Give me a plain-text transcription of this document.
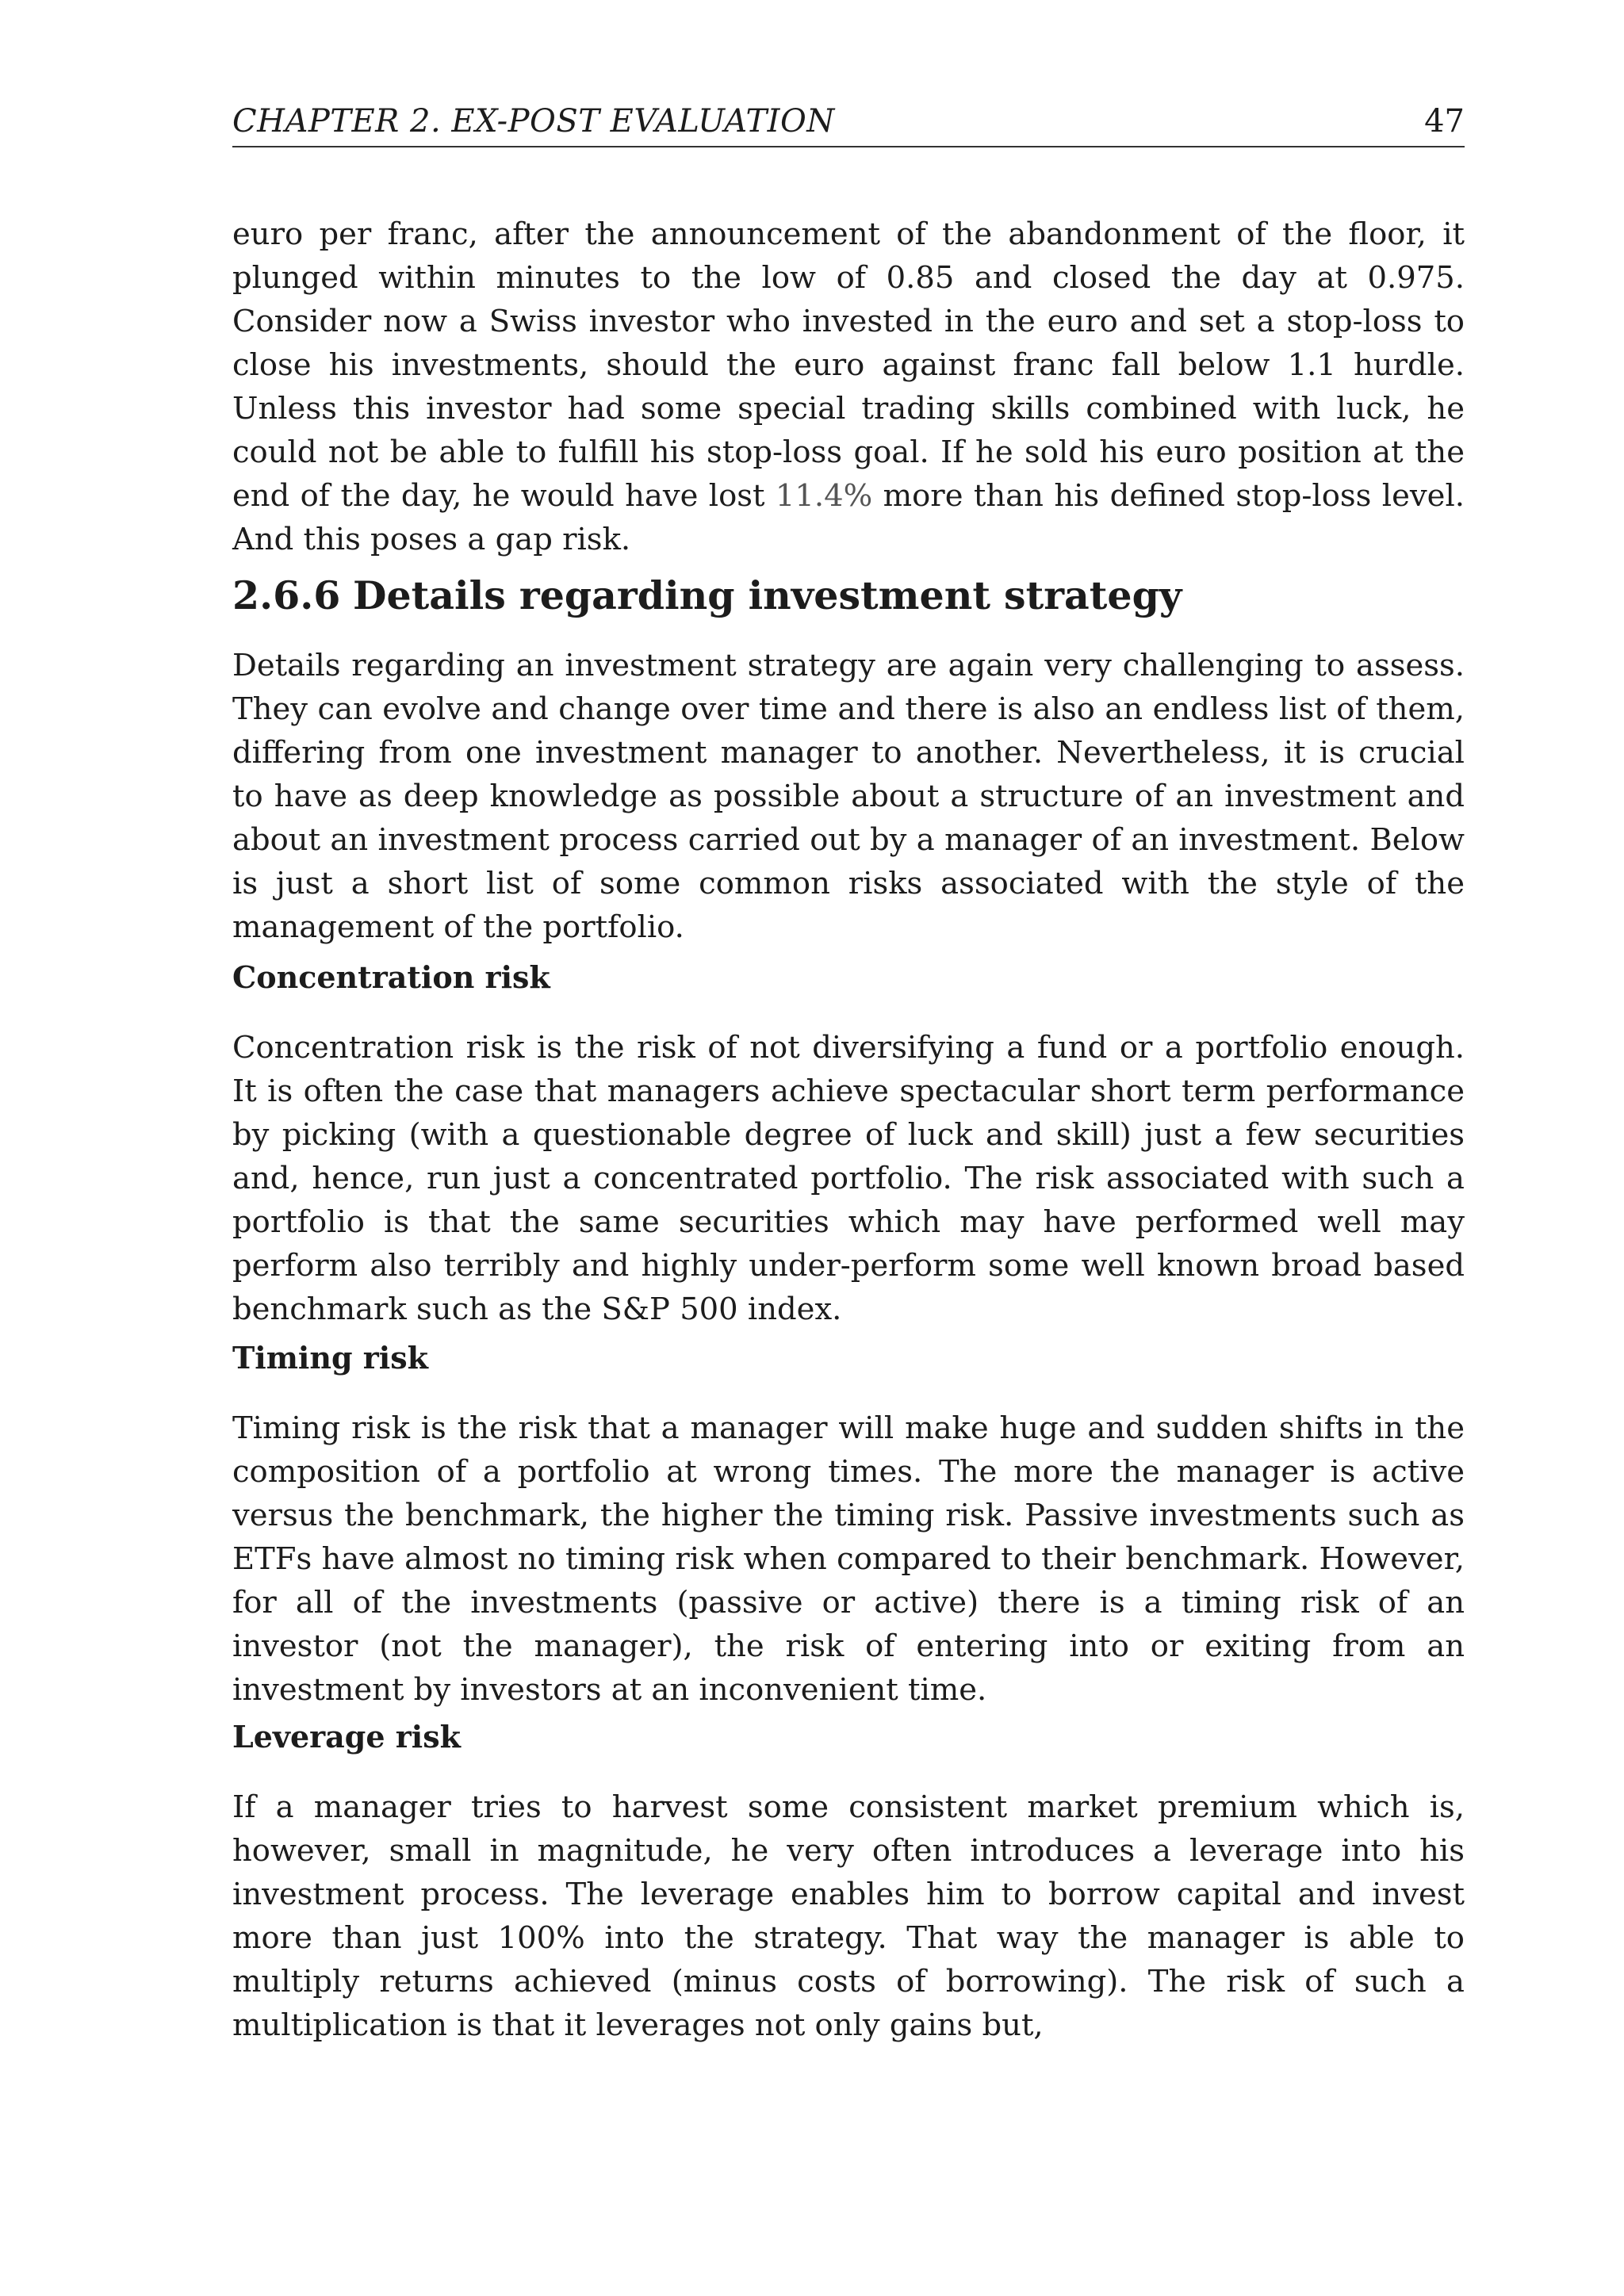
CHAPTER 2. EX-POST EVALUATION	47

euro per franc, after the announcement of the abandonment of the floor, it plunged within minutes to the low of 0.85 and closed the day at 0.975. Consider now a Swiss investor who invested in the euro and set a stop-loss to close his investments, should the euro against franc fall below 1.1 hurdle. Unless this investor had some special trading skills combined with luck, he could not be able to fulfill his stop-loss goal. If he sold his euro position at the end of the day, he would have lost 11.4% more than his defined stop-loss level. And this poses a gap risk.

2.6.6 Details regarding investment strategy

Details regarding an investment strategy are again very challenging to assess. They can evolve and change over time and there is also an endless list of them, differing from one investment manager to another. Nevertheless, it is crucial to have as deep knowledge as possible about a structure of an investment and about an investment process carried out by a manager of an investment. Below is just a short list of some common risks associated with the style of the management of the portfolio.

Concentration risk

Concentration risk is the risk of not diversifying a fund or a portfolio enough. It is often the case that managers achieve spectacular short term performance by picking (with a questionable degree of luck and skill) just a few securities and, hence, run just a concentrated portfolio. The risk associated with such a portfolio is that the same securities which may have performed well may perform also terribly and highly under-perform some well known broad based benchmark such as the S&P 500 index.

Timing risk

Timing risk is the risk that a manager will make huge and sudden shifts in the composition of a portfolio at wrong times. The more the manager is active versus the benchmark, the higher the timing risk. Passive investments such as ETFs have almost no timing risk when compared to their benchmark. However, for all of the investments (passive or active) there is a timing risk of an investor (not the manager), the risk of entering into or exiting from an investment by investors at an inconvenient time.

Leverage risk

If a manager tries to harvest some consistent market premium which is, however, small in magnitude, he very often introduces a leverage into his investment process. The leverage enables him to borrow capital and invest more than just 100% into the strategy. That way the manager is able to multiply returns achieved (minus costs of borrowing). The risk of such a multiplication is that it leverages not only gains but,
